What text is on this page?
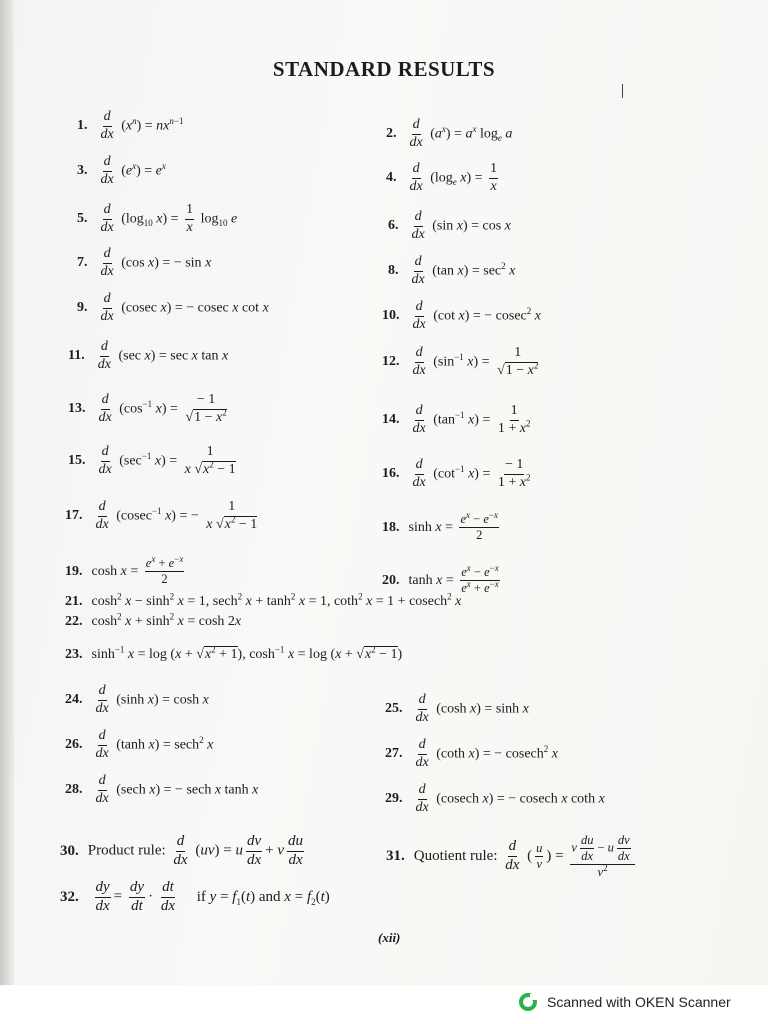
STANDARD RESULTS
1. $\frac{d}{dx} (x^n) = nx^{n-1}$
2. $\frac{d}{dx} (a^x) = a^x$ $\log_e a$
3. $\frac{d}{dx} (e^x) = e^x$
4. $\frac{d}{dx} (\log_e$ $x) = \frac{1}{x}$
5. $\frac{d}{dx} (\log_{10}$ $x) = \frac{1}{x} \log_{10} e$	6. $\frac{d}{dx} (\sin$ x) = cos x
7. $\frac{d}{dx} (\cos$ x) = − sin x
8. $\frac{d}{dx} (\tan$ $x) = \sec^2 x$
9. $\frac{d}{dx} (cosec$ x) = − cosec x cot x
10. $\frac{d}{dx} (\cot$ x) = − cosec$^2$ x
11. $\frac{d}{dx} (\sec$ x) = sec x tan x	12. $\frac{d}{dx} (\sin^{-1}$ $x) = \frac{1}{√1 - x^2}$
13. $\frac{d}{dx} (\cos^{-1}$ $x) = \frac{- 1}{√1 - x^2}$	14. $\frac{d}{dx} (\tan^{-1}$ $x) = \frac{1}{1 + x^2}$
15. $\frac{d}{dx} (\sec^{-1}$ $x) = \frac{1}{x √x^2 - 1}$	16. $\frac{d}{dx} (\cot^{-1}$ $x) = \frac{- 1}{1 + x^2}$
17. $\frac{d}{dx} (cosec^{-1}$ x) = − $\frac{1}{x √x^2 - 1}$	18. $\sinh x = \frac{e^x - e^{-x}}{2}$
19. $\cosh x = \frac{e^x + e^{-x}}{2}$	20. $\tanh x = \frac{e^x - e^{-x}}{e^x + e^{-x}}$
21. $\cosh^2 x - \sinh^2 x = 1$, sech$^2$ $x + \tanh^2 x = 1$, coth$^2$ x = 1 + cosech$^2$ x
22. $\cosh^2 x + \sinh^2 x = \cosh 2x$
23. $\sinh^{-1} x = \log (x + √x^2 + 1)$, $\cosh^{-1} x = \log (x + √x^2 - 1)$
24. $\frac{d}{dx} (\sinh$ x) = cosh x
25. $\frac{d}{dx} (\cosh$ x) = sinh x
26. $\frac{d}{dx} (\tanh$ x) = sech$^2$ x
27. $\frac{d}{dx} (\cot h$ x) = − cosech$^2$ x
28. $\frac{d}{dx} (\sec h$ x) = − sech x tanh x
29. $\frac{d}{dx} (cosech$ x) = − cosech x coth x
30. Product rule: $\frac{d}{dx} (uv) = u \frac{dv}{dx} + v \frac{du}{dx}$	31. Quotient rule: $\frac{d}{dx}$ ( $\frac{u}{v}$ ) =
v $\frac{du}{dx} - u \frac{dv}{dx}$
$v^2$
32. $\frac{dy}{dx} = \frac{dy}{dt} \cdot \frac{dt}{dx}$ if $y = f_1(t)$ and $x = f_2(t)$
(xii)
Scanned with OKEN Scanner
